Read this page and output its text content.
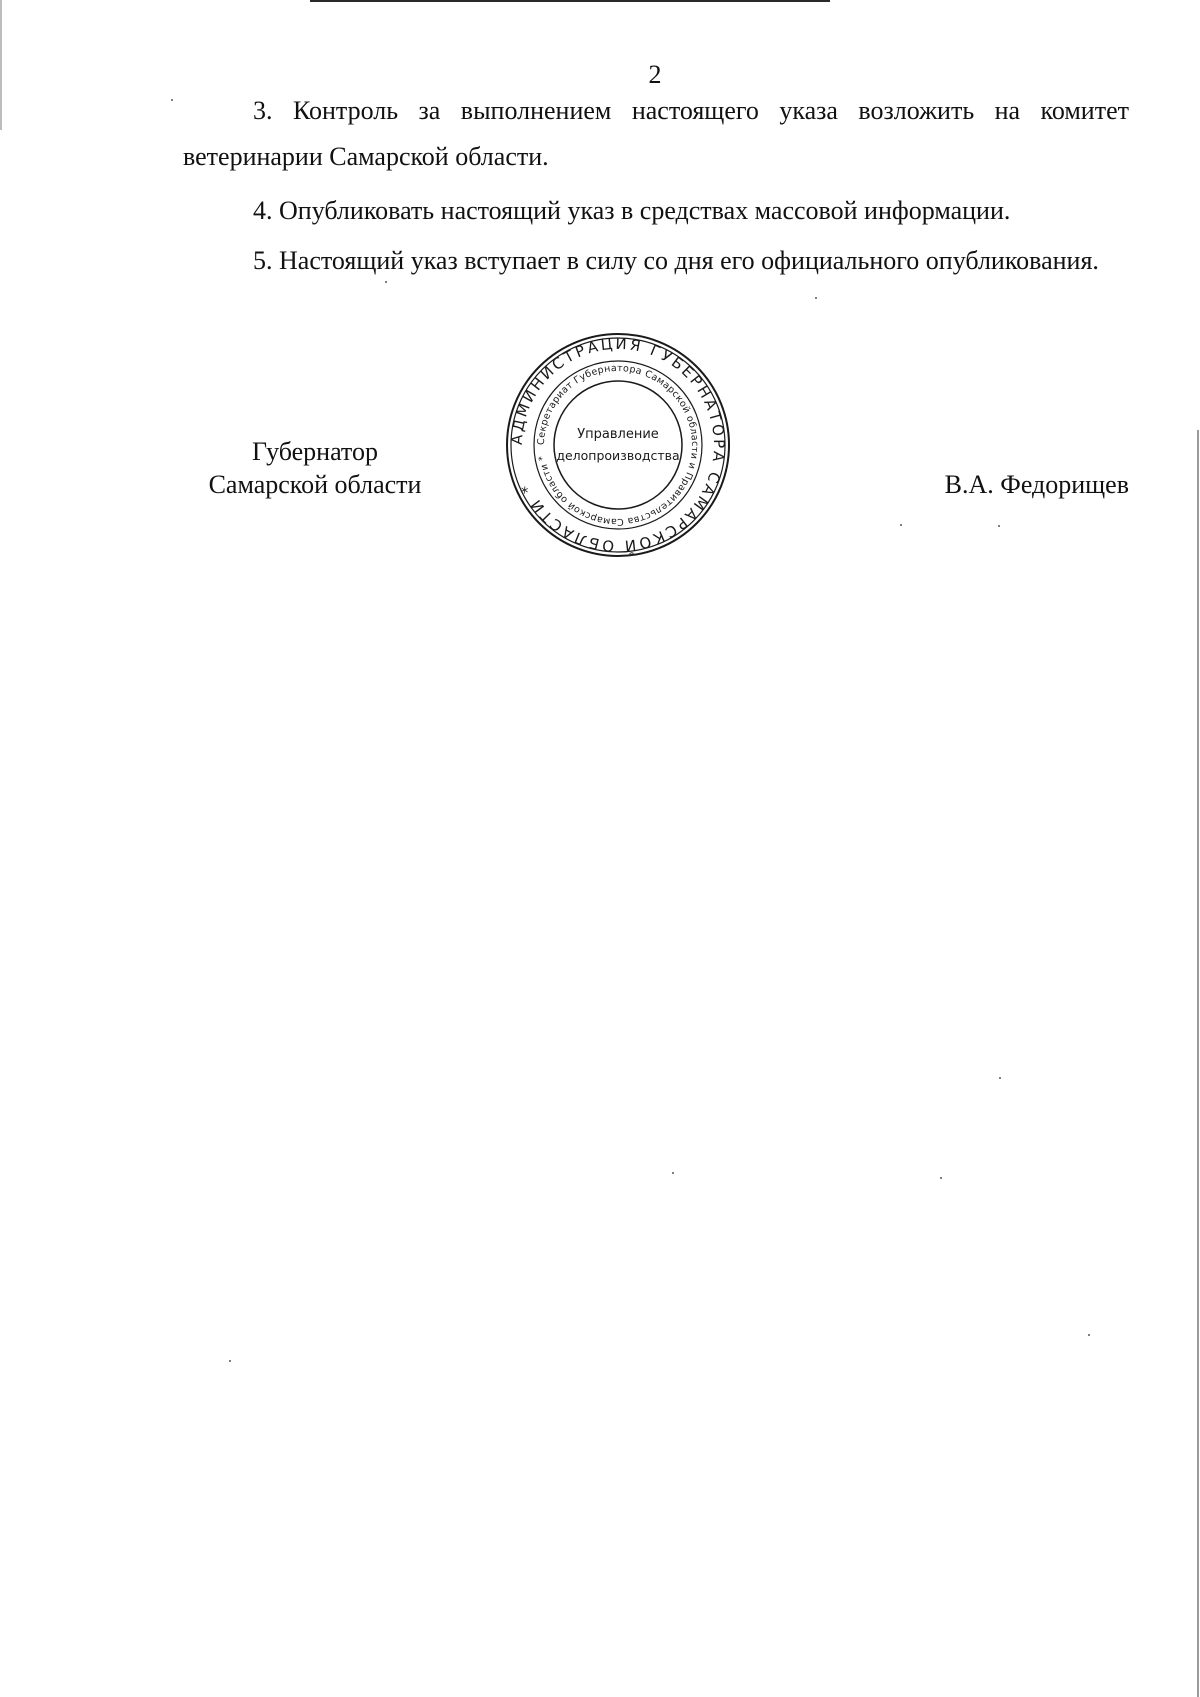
2
3. Контроль за выполнением настоящего указа возложить на комитет ветеринарии Самарской области.
4. Опубликовать настоящий указ в средствах массовой информации.
5. Настоящий указ вступает в силу со дня его официального опубликования.
Губернатор
Самарской области	В.А. Федорищев
АДМИНИСТРАЦИЯ ГУБЕРНАТОРА САМАРСКОЙ ОБЛАСТИ *
Секретариат Губернатора Самарской области и Правительства Самарской области *
Управление
делопроизводства
